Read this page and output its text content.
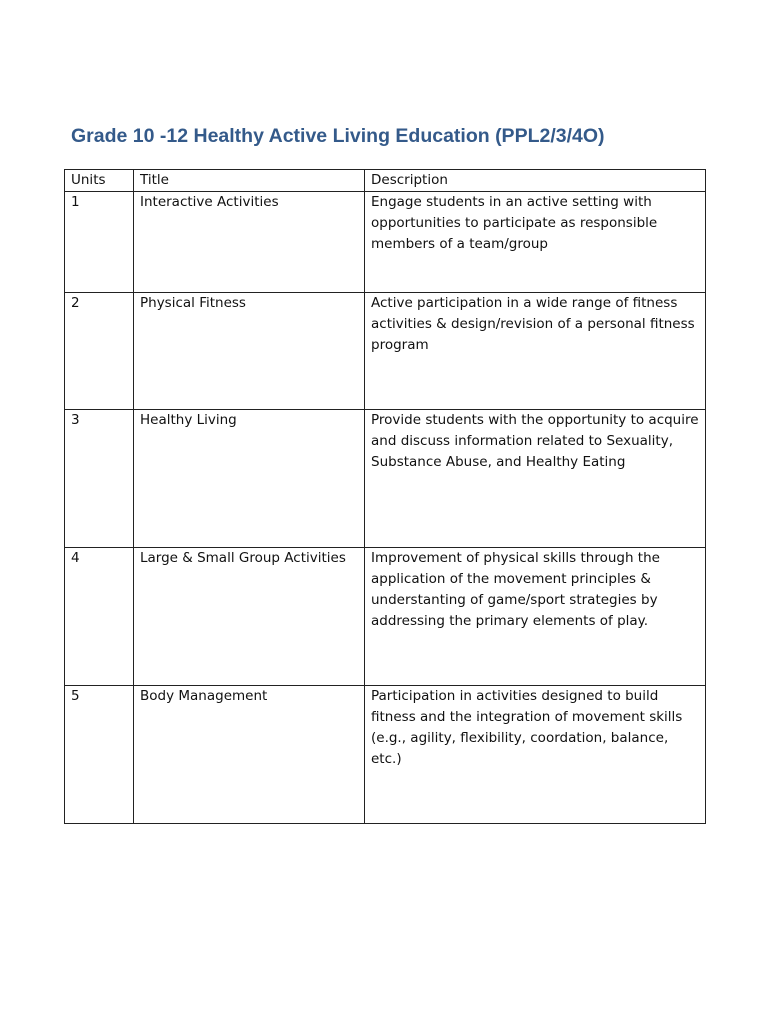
Grade 10 -12 Healthy Active Living Education (PPL2/3/4O)
Units	Title	Description
1	Interactive Activities	Engage students in an active setting with opportunities to participate as responsible members of a team/group
2	Physical Fitness	Active participation in a wide range of fitness activities & design/revision of a personal fitness program
3	Healthy Living	Provide students with the opportunity to acquire and discuss information related to Sexuality, Substance Abuse, and Healthy Eating
4	Large & Small Group Activities	Improvement of physical skills through the application of the movement principles & understanting of game/sport strategies by addressing the primary elements of play.
5	Body Management	Participation in activities designed to build fitness and the integration of movement skills (e.g., agility, flexibility, coordation, balance, etc.)
